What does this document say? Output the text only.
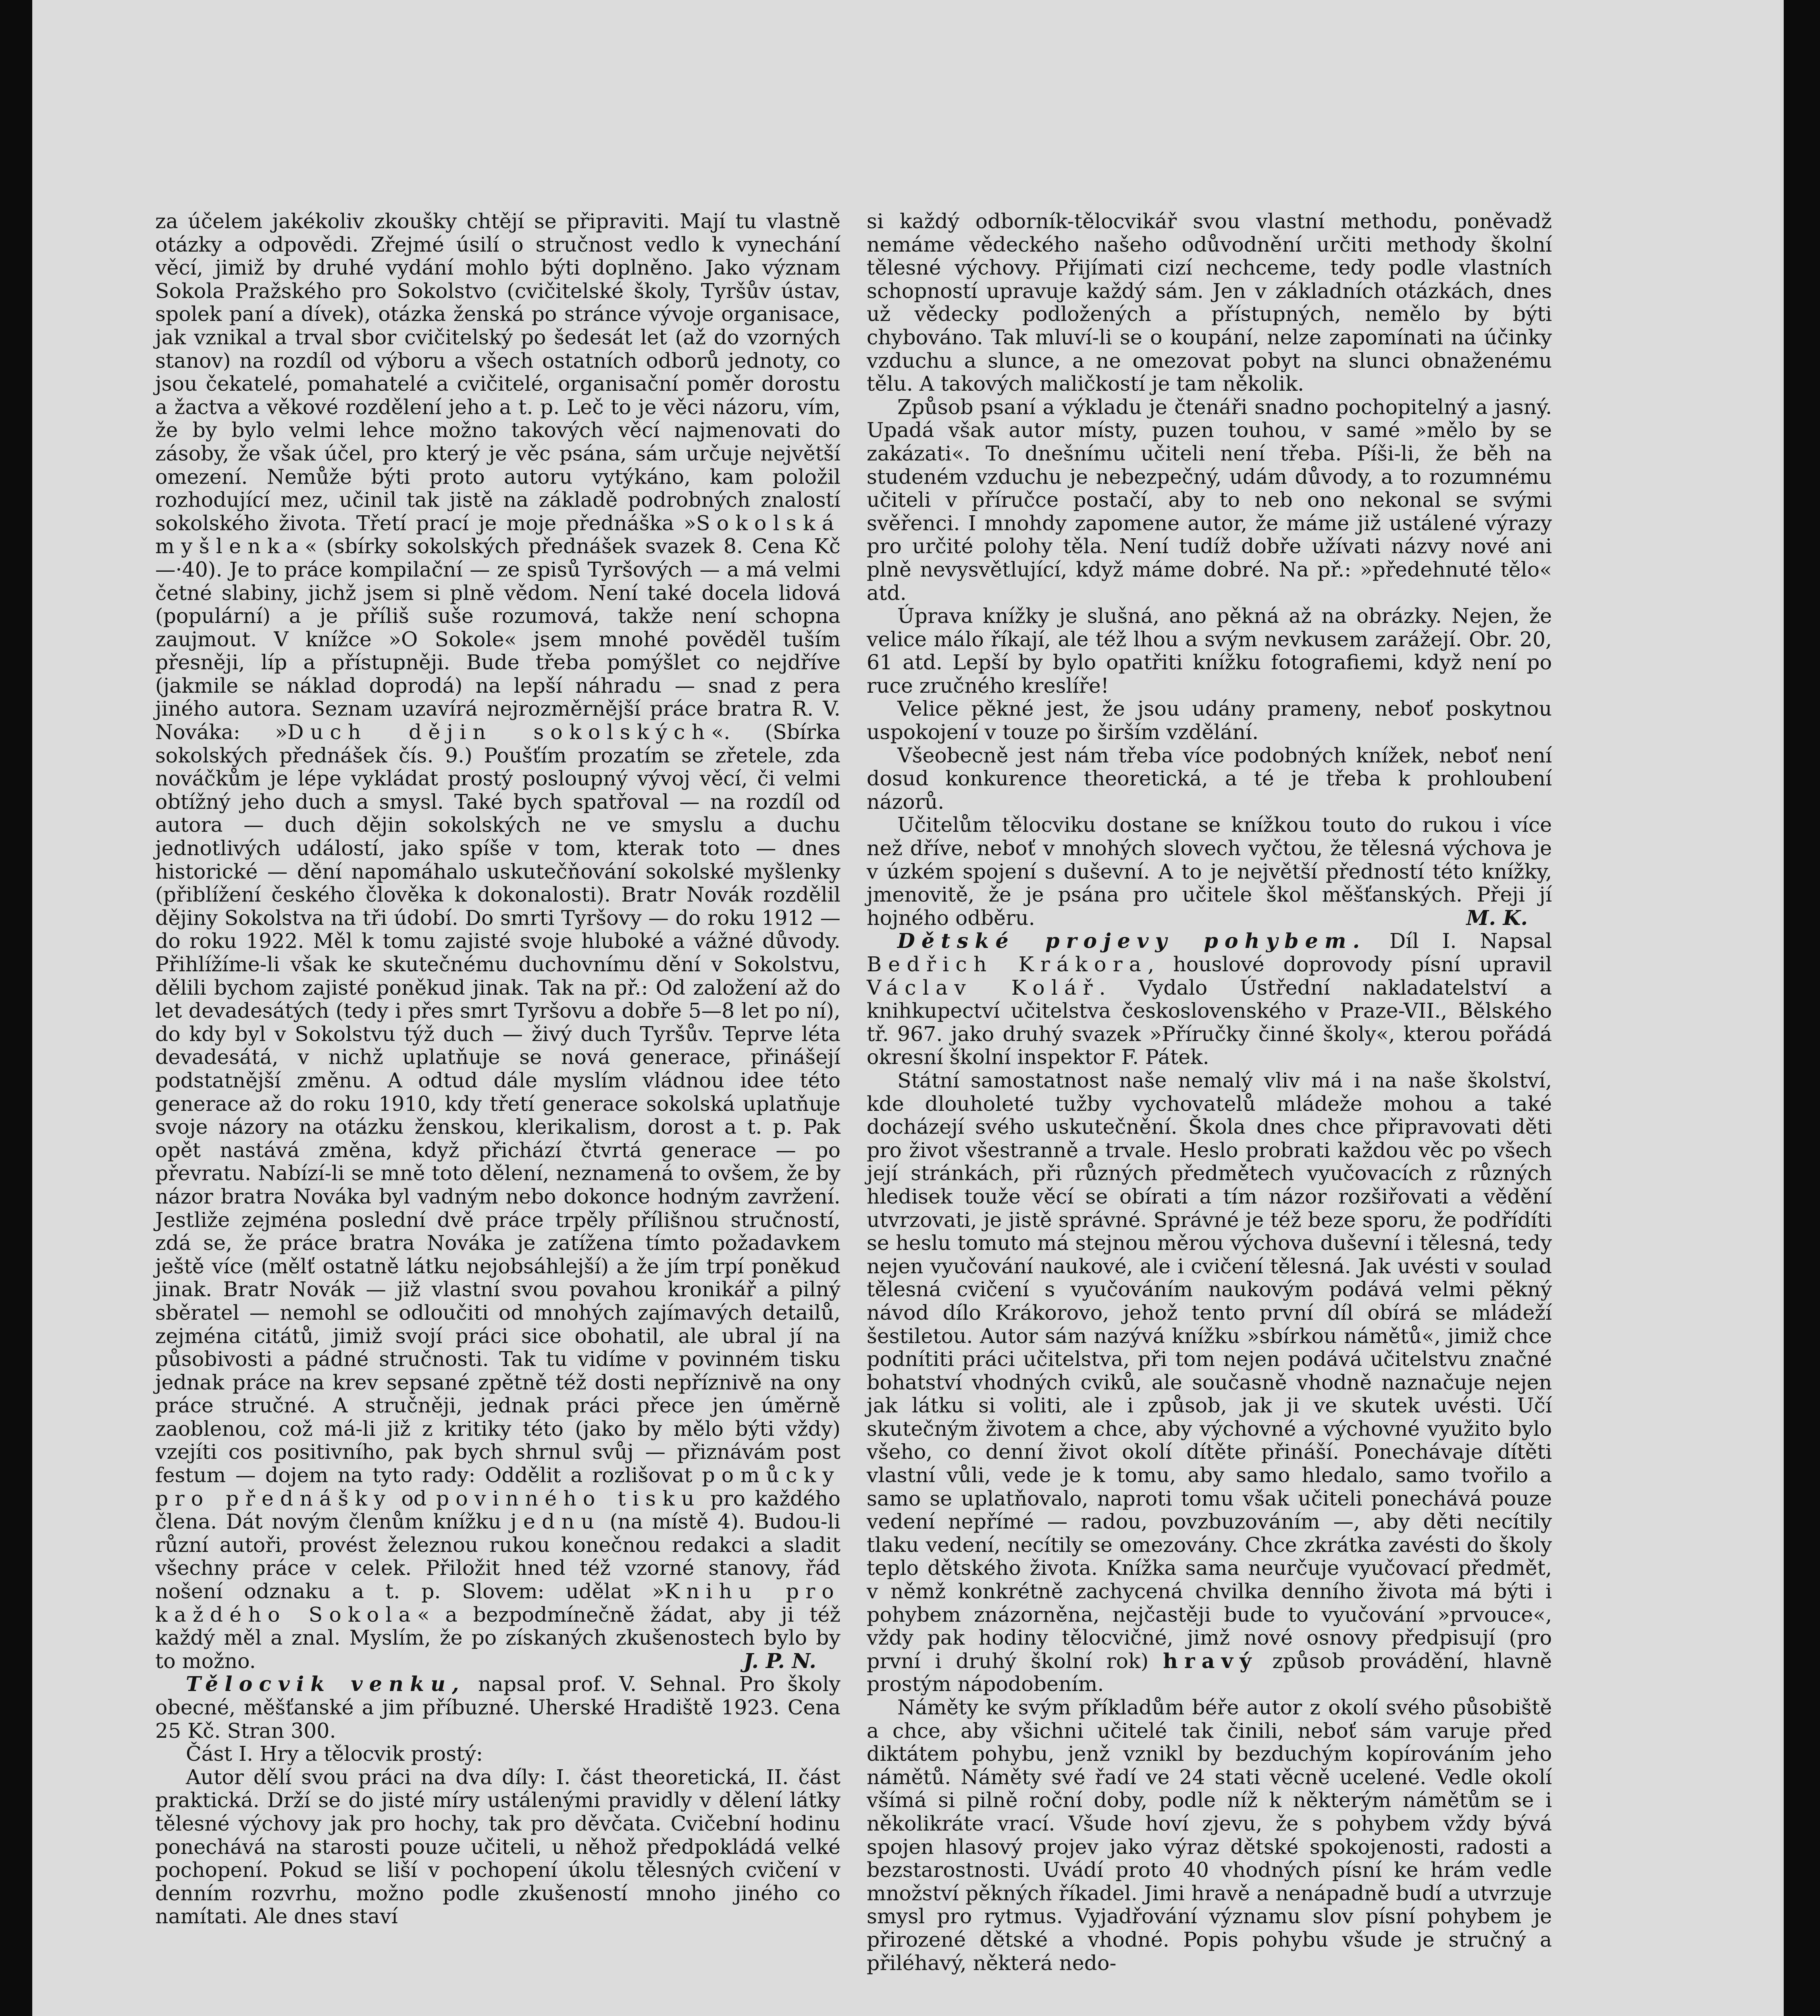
za účelem jakékoliv zkoušky chtějí se připraviti. Mají tu vlastně otázky a odpovědi. Zřejmé úsilí o stručnost vedlo k vynechání věcí, jimiž by druhé vydání mohlo býti doplněno. Jako význam Sokola Pražského pro Sokolstvo (cvičitelské školy, Tyršův ústav, spolek paní a dívek), otázka ženská po stránce vývoje organisace, jak vznikal a trval sbor cvičitelský po šedesát let (až do vzorných stanov) na rozdíl od výboru a všech ostatních odborů jednoty, co jsou čekatelé, pomahatelé a cvičitelé, organisační poměr dorostu a žactva a věkové rozdělení jeho a t. p. Leč to je věci názoru, vím, že by bylo velmi lehce možno takových věcí najmenovati do zásoby, že však účel, pro který je věc psána, sám určuje největší omezení. Nemůže býti proto autoru vytýkáno, kam položil rozhodující mez, učinil tak jistě na základě podrobných znalostí sokolského života. Třetí prací je moje přednáška »Sokolská myšlenka« (sbírky sokolských přednášek svazek 8. Cena Kč —·40). Je to práce kompilační — ze spisů Tyršových — a má velmi četné slabiny, jichž jsem si plně vědom. Není také docela lidová (populární) a je příliš suše rozumová, takže není schopna zaujmout. V knížce »O Sokole« jsem mnohé pověděl tuším přesněji, líp a přístupněji. Bude třeba pomýšlet co nejdříve (jakmile se náklad doprodá) na lepší náhradu — snad z pera jiného autora. Seznam uzavírá nejrozměrnější práce bratra R. V. Nováka: »Duch dějin sokolských«. (Sbírka sokolských přednášek čís. 9.) Poušťím prozatím se zřetele, zda nováčkům je lépe vykládat prostý posloupný vývoj věcí, či velmi obtížný jeho duch a smysl. Také bych spatřoval — na rozdíl od autora — duch dějin sokolských ne ve smyslu a duchu jednotlivých událostí, jako spíše v tom, kterak toto — dnes historické — dění napomáhalo uskutečňování sokolské myšlenky (přiblížení českého člověka k dokonalosti). Bratr Novák rozdělil dějiny Sokolstva na tři údobí. Do smrti Tyršovy — do roku 1912 — do roku 1922. Měl k tomu zajisté svoje hluboké a vážné důvody. Přihlížíme-li však ke skutečnému duchovnímu dění v Sokolstvu, dělili bychom zajisté poněkud jinak. Tak na př.: Od založení až do let devadesátých (tedy i přes smrt Tyršovu a dobře 5—8 let po ní), do kdy byl v Sokolstvu týž duch — živý duch Tyršův. Teprve léta devadesátá, v nichž uplatňuje se nová generace, přinášejí podstatnější změnu. A odtud dále myslím vládnou idee této generace až do roku 1910, kdy třetí generace sokolská uplatňuje svoje názory na otázku ženskou, klerikalism, dorost a t. p. Pak opět nastává změna, když přichází čtvrtá generace — po převratu. Nabízí-li se mně toto dělení, neznamená to ovšem, že by názor bratra Nováka byl vadným nebo dokonce hodným zavržení. Jestliže zejména poslední dvě práce trpěly přílišnou stručností, zdá se, že práce bratra Nováka je zatížena tímto požadavkem ještě více (mělť ostatně látku nejobsáhlejší) a že jím trpí poněkud jinak. Bratr Novák — již vlastní svou povahou kronikář a pilný sběratel — nemohl se odloučiti od mnohých zajímavých detailů, zejména citátů, jimiž svojí práci sice obohatil, ale ubral jí na působivosti a pádné stručnosti. Tak tu vidíme v povinném tisku jednak práce na krev sepsané zpětně též dosti nepříznivě na ony práce stručné. A stručněji, jednak práci přece jen úměrně zaoblenou, což má-li již z kritiky této (jako by mělo býti vždy) vzejíti cos positivního, pak bych shrnul svůj — přiznávám post festum — dojem na tyto rady: Oddělit a rozlišovat pomůcky pro přednášky od povinného tisku pro každého člena. Dát novým členům knížku jednu (na místě 4). Budou-li různí autoři, provést železnou rukou konečnou redakci a sladit všechny práce v celek. Přiložit hned též vzorné stanovy, řád nošení odznaku a t. p. Slovem: udělat »Knihu pro každého Sokola« a bezpodmínečně žádat, aby ji též každý měl a znal. Myslím, že po získaných zkušenostech bylo by to možno.	J. P. N.

Tělocvik venku, napsal prof. V. Sehnal. Pro školy obecné, měšťanské a jim příbuzné. Uherské Hradiště 1923. Cena 25 Kč. Stran 300.

Část I. Hry a tělocvik prostý:

Autor dělí svou práci na dva díly: I. část theoretická, II. část praktická. Drží se do jisté míry ustálenými pravidly v dělení látky tělesné výchovy jak pro hochy, tak pro děvčata. Cvičební hodinu ponechává na starosti pouze učiteli, u něhož předpokládá velké pochopení. Pokud se liší v pochopení úkolu tělesných cvičení v denním rozvrhu, možno podle zkušeností mnoho jiného co namítati. Ale dnes staví

si každý odborník-tělocvikář svou vlastní methodu, poněvadž nemáme vědeckého našeho odůvodnění určiti methody školní tělesné výchovy. Přijímati cizí nechceme, tedy podle vlastních schopností upravuje každý sám. Jen v základních otázkách, dnes už vědecky podložených a přístupných, nemělo by býti chybováno. Tak mluví-li se o koupání, nelze zapomínati na účinky vzduchu a slunce, a ne omezovat pobyt na slunci obnaženému tělu. A takových maličkostí je tam několik.

Způsob psaní a výkladu je čtenáři snadno pochopitelný a jasný. Upadá však autor místy, puzen touhou, v samé »mělo by se zakázati«. To dnešnímu učiteli není třeba. Píši-li, že běh na studeném vzduchu je nebezpečný, udám důvody, a to rozumnému učiteli v příručce postačí, aby to neb ono nekonal se svými svěřenci. I mnohdy zapomene autor, že máme již ustálené výrazy pro určité polohy těla. Není tudíž dobře užívati názvy nové ani plně nevysvětlující, když máme dobré. Na př.: »předehnuté tělo« atd.

Úprava knížky je slušná, ano pěkná až na obrázky. Nejen, že velice málo říkají, ale též lhou a svým nevkusem zarážejí. Obr. 20, 61 atd. Lepší by bylo opatřiti knížku fotografiemi, když není po ruce zručného kreslíře!

Velice pěkné jest, že jsou udány prameny, neboť poskytnou uspokojení v touze po širším vzdělání.

Všeobecně jest nám třeba více podobných knížek, neboť není dosud konkurence theoretická, a té je třeba k prohloubení názorů.

Učitelům tělocviku dostane se knížkou touto do rukou i více než dříve, neboť v mnohých slovech vyčtou, že tělesná výchova je v úzkém spojení s duševní. A to je největší předností této knížky, jmenovitě, že je psána pro učitele škol měšťanských. Přeji jí hojného odběru.	M. K.

Dětské projevy pohybem. Díl I. Napsal Bedřich Krákora, houslové doprovody písní upravil Václav Kolář. Vydalo Ústřední nakladatelství a knihkupectví učitelstva československého v Praze-VII., Bělského tř. 967. jako druhý svazek »Příručky činné školy«, kterou pořádá okresní školní inspektor F. Pátek.

Státní samostatnost naše nemalý vliv má i na naše školství, kde dlouholeté tužby vychovatelů mládeže mohou a také docházejí svého uskutečnění. Škola dnes chce připravovati děti pro život všestranně a trvale. Heslo probrati každou věc po všech její stránkách, při různých předmětech vyučovacích z různých hledisek touže věcí se obírati a tím názor rozšiřovati a vědění utvrzovati, je jistě správné. Správné je též beze sporu, že podřídíti se heslu tomuto má stejnou měrou výchova duševní i tělesná, tedy nejen vyučování naukové, ale i cvičení tělesná. Jak uvésti v soulad tělesná cvičení s vyučováním naukovým podává velmi pěkný návod dílo Krákorovo, jehož tento první díl obírá se mládeží šestiletou. Autor sám nazývá knížku »sbírkou námětů«, jimiž chce podnítiti práci učitelstva, při tom nejen podává učitelstvu značné bohatství vhodných cviků, ale současně vhodně naznačuje nejen jak látku si voliti, ale i způsob, jak ji ve skutek uvésti. Učí skutečným životem a chce, aby výchovné a výchovné využito bylo všeho, co denní život okolí dítěte přináší. Ponechávaje dítěti vlastní vůli, vede je k tomu, aby samo hledalo, samo tvořilo a samo se uplatňovalo, naproti tomu však učiteli ponechává pouze vedení nepřímé — radou, povzbuzováním —, aby děti necítily tlaku vedení, necítily se omezovány. Chce zkrátka zavésti do školy teplo dětského života. Knížka sama neurčuje vyučovací předmět, v němž konkrétně zachycená chvilka denního života má býti i pohybem znázorněna, nejčastěji bude to vyučování »prvouce«, vždy pak hodiny tělocvičné, jimž nové osnovy předpisují (pro první i druhý školní rok) hravý způsob provádění, hlavně prostým nápodobením.

Náměty ke svým příkladům béře autor z okolí svého působiště a chce, aby všichni učitelé tak činili, neboť sám varuje před diktátem pohybu, jenž vznikl by bezduchým kopírováním jeho námětů. Náměty své řadí ve 24 stati věcně ucelené. Vedle okolí všímá si pilně roční doby, podle níž k některým námětům se i několikráte vrací. Všude hoví zjevu, že s pohybem vždy bývá spojen hlasový projev jako výraz dětské spokojenosti, radosti a bezstarostnosti. Uvádí proto 40 vhodných písní ke hrám vedle množství pěkných říkadel. Jimi hravě a nenápadně budí a utvrzuje smysl pro rytmus. Vyjadřování významu slov písní pohybem je přirozené dětské a vhodné. Popis pohybu všude je stručný a přiléhavý, některá nedo-
